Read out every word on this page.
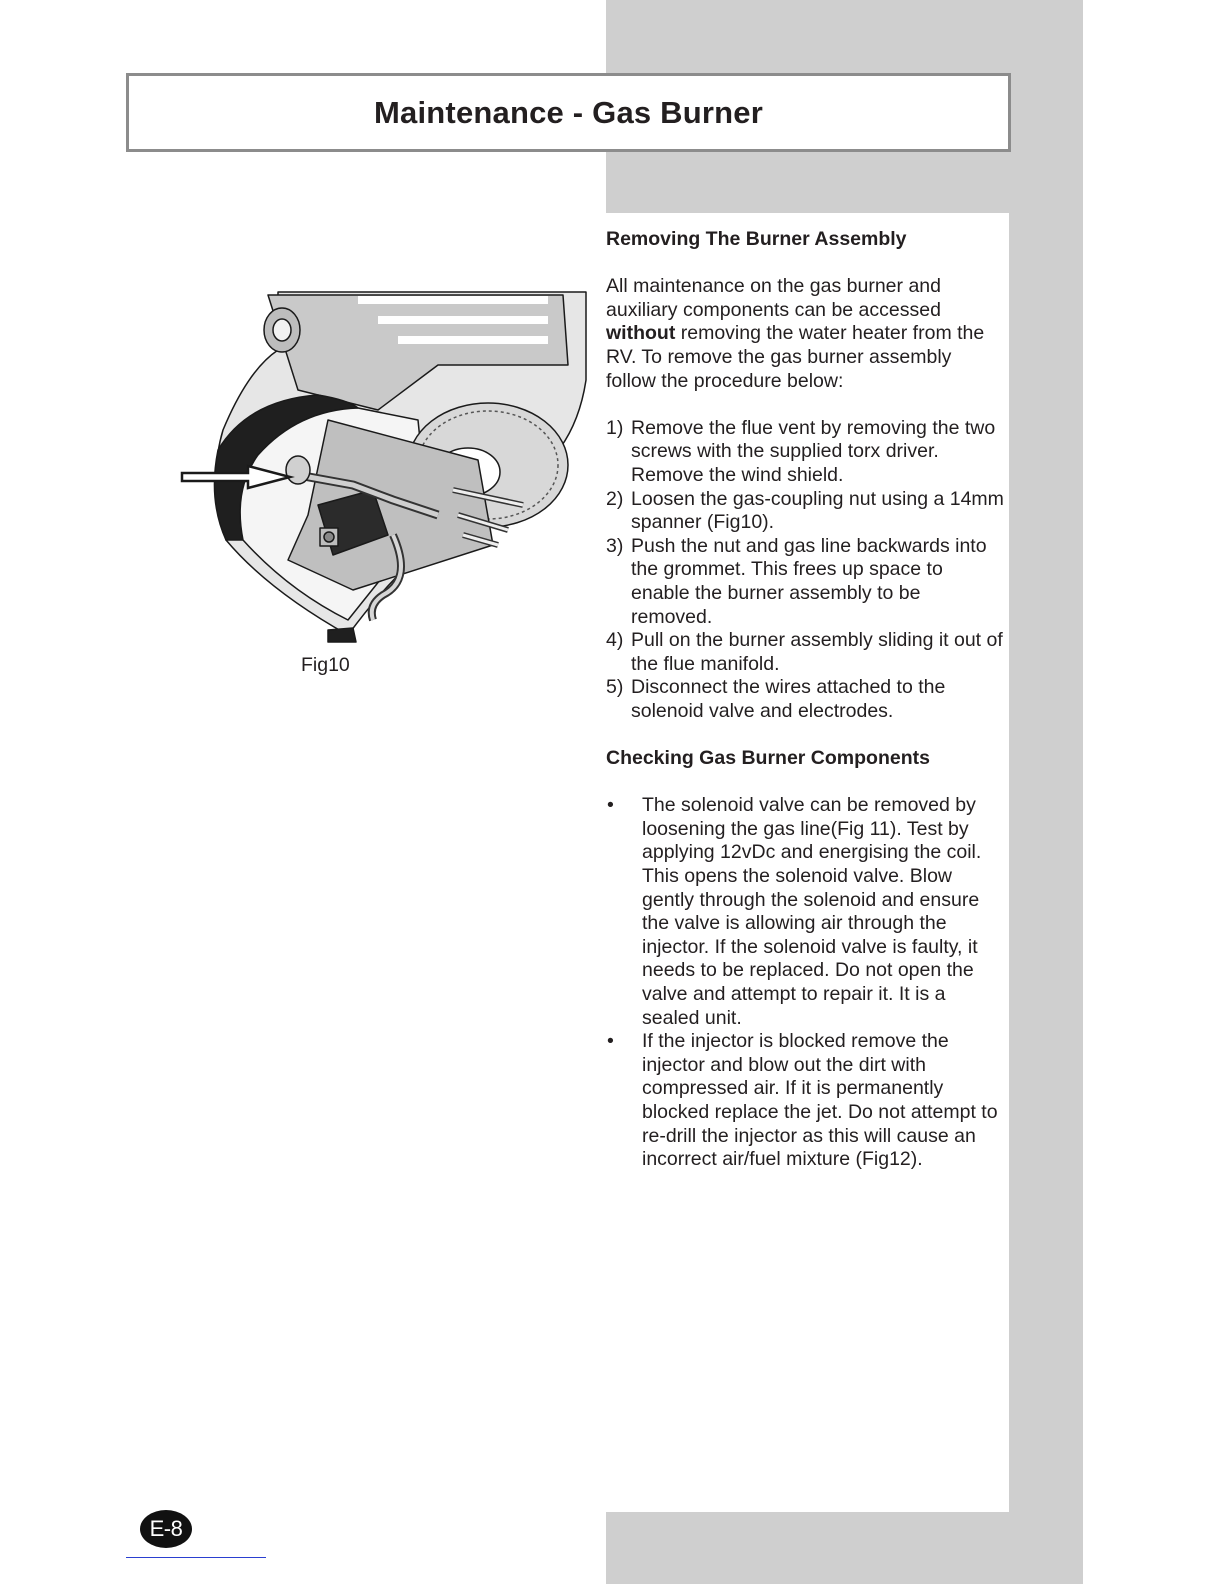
Maintenance - Gas Burner
Fig10

Removing The Burner Assembly

All maintenance on the gas burner and auxiliary components can be accessed without removing the water heater from the RV. To remove the gas burner assembly follow the procedure below:

1) Remove the flue vent by removing the two screws with the supplied torx driver. Remove the wind shield.
2) Loosen the gas-coupling nut using a 14mm spanner (Fig10).
3) Push the nut and gas line backwards into the grommet. This frees up space to enable the burner assembly to be removed.
4) Pull on the burner assembly sliding it out of the flue manifold.
5) Disconnect the wires attached to the solenoid valve and electrodes.

Checking Gas Burner Components

•	The solenoid valve can be removed by loosening the gas line(Fig 11). Test by applying 12vDc and energising the coil. This opens the solenoid valve. Blow gently through the solenoid and ensure the valve is allowing air through the injector. If the solenoid valve is faulty, it needs to be replaced. Do not open the valve and attempt to repair it. It is a sealed unit.
•	If the injector is blocked remove the injector and blow out the dirt with compressed air. If it is permanently blocked replace the jet. Do not attempt to re-drill the injector as this will cause an incorrect air/fuel mixture (Fig12).
E-8
